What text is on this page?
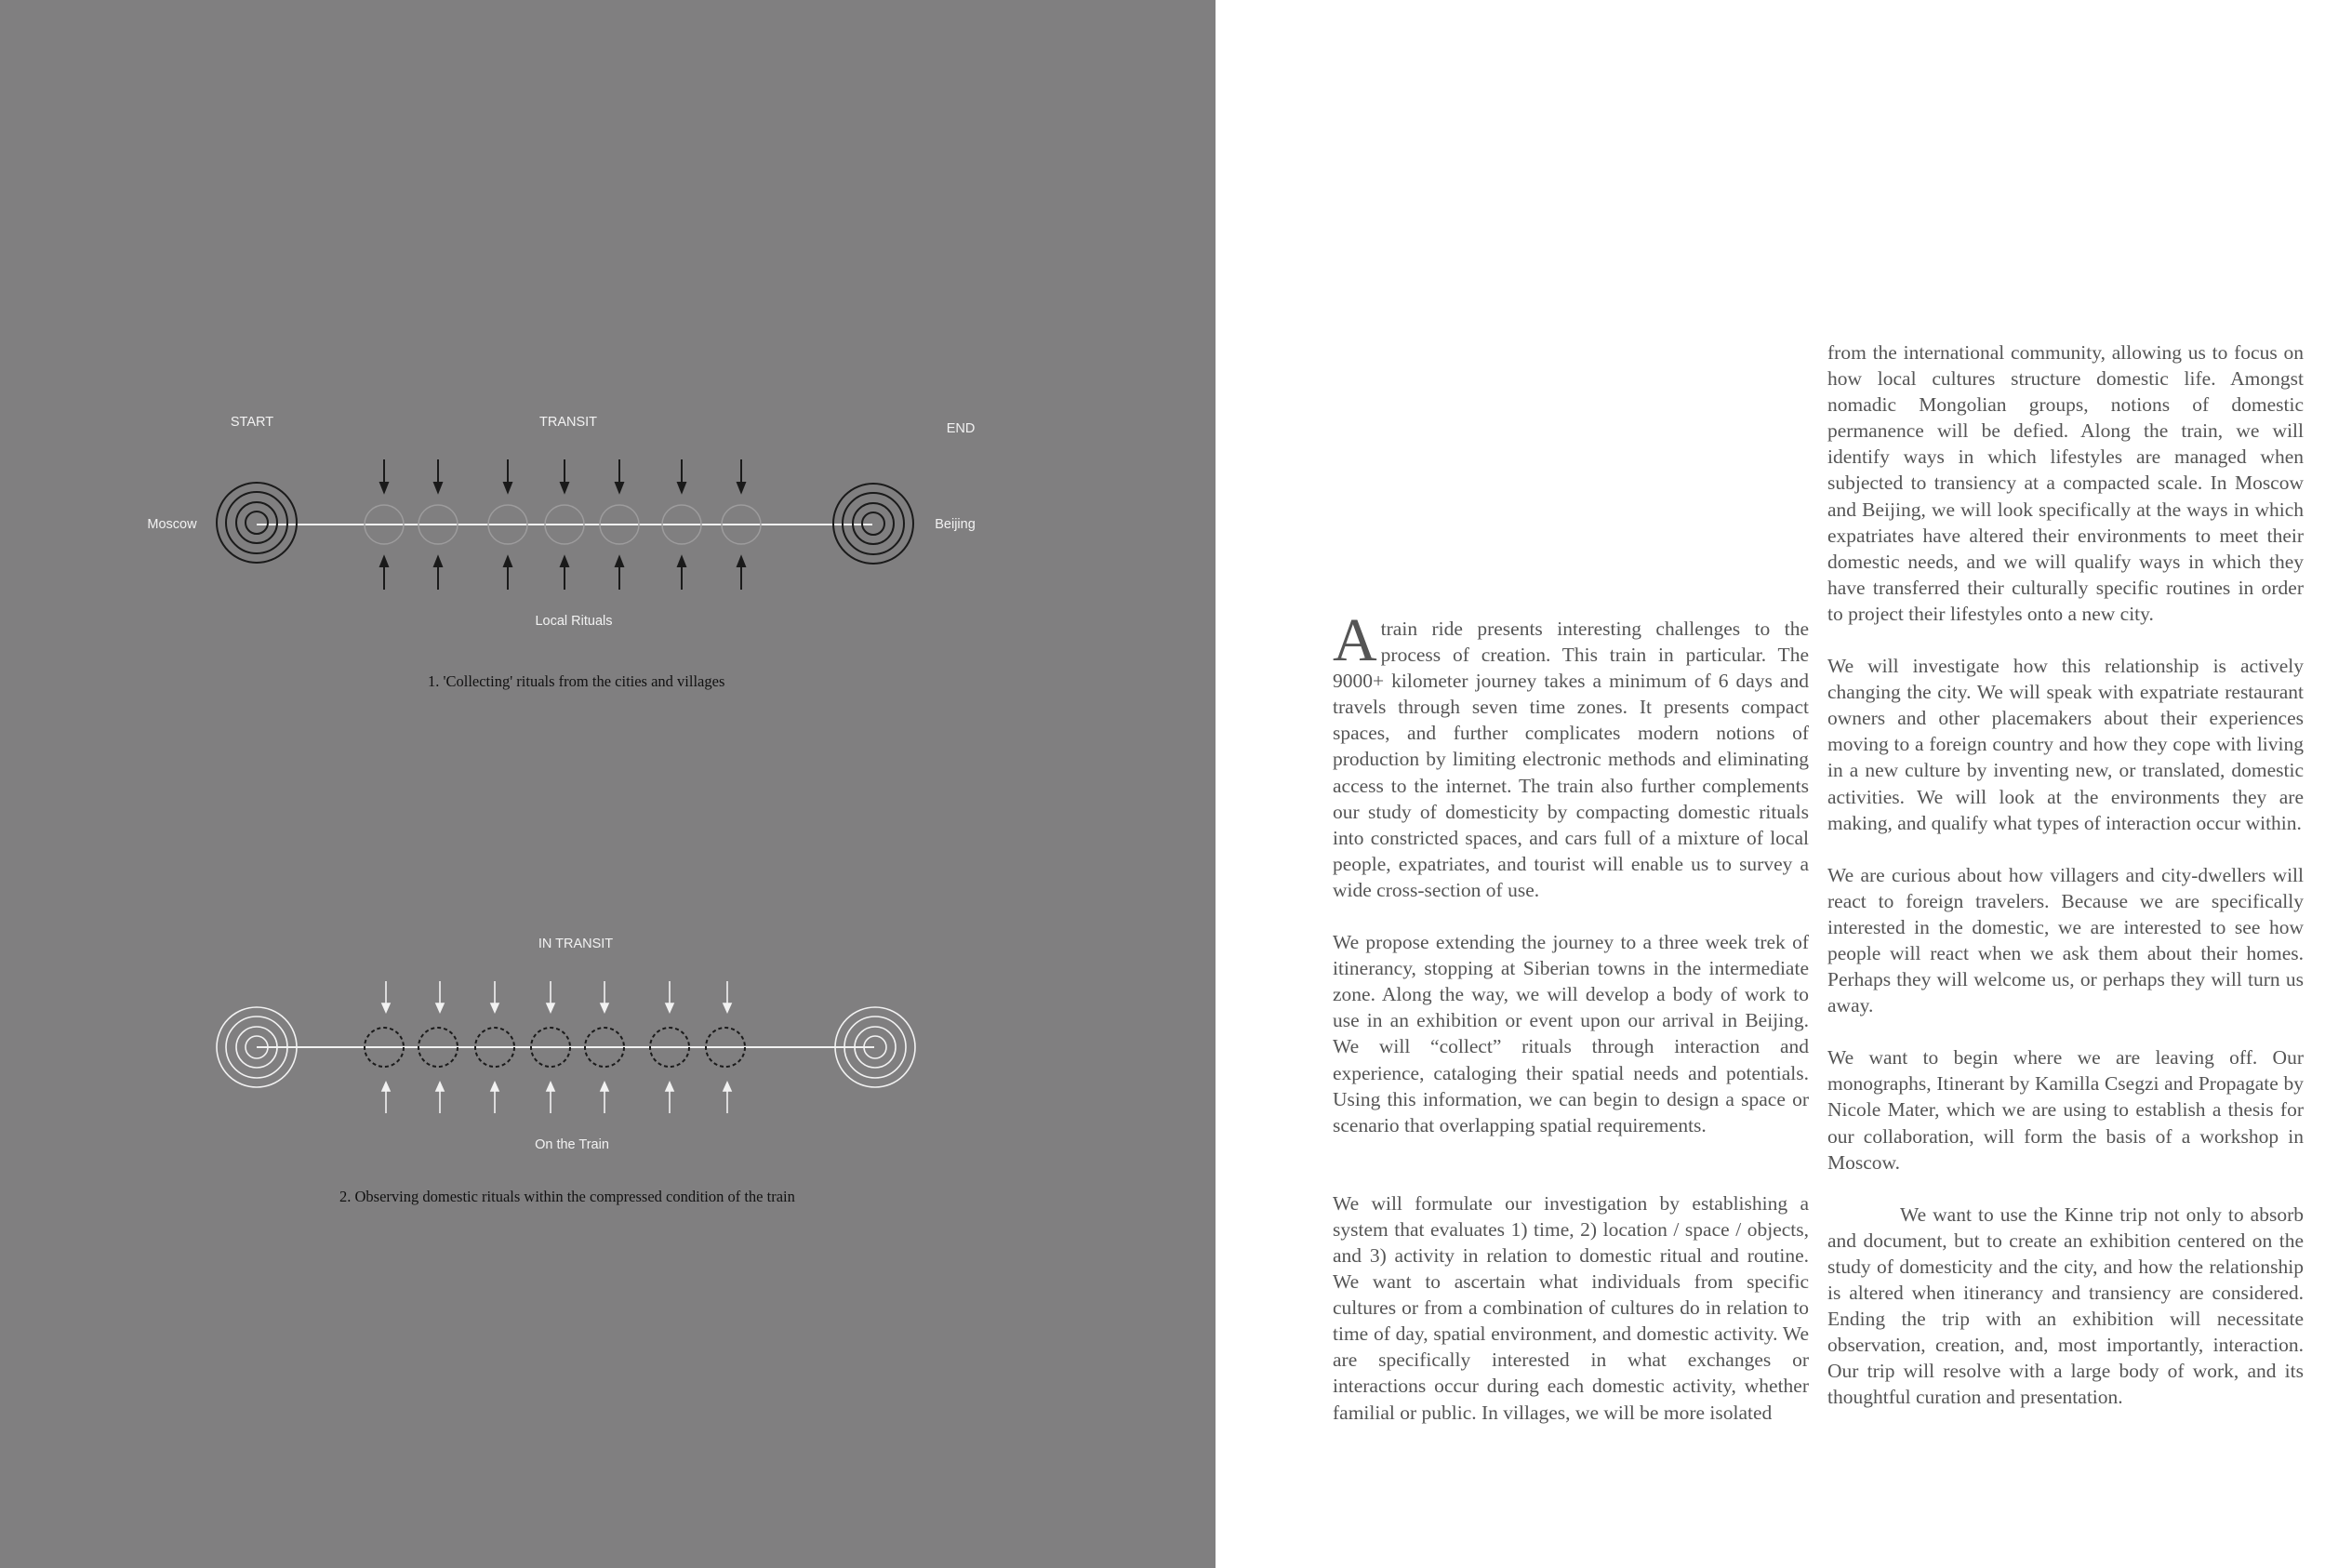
START	TRANSIT	END
Moscow	Beijing
Local Rituals
IN TRANSIT
On the Train
1. 'Collecting' rituals from the cities and villages
2. Observing domestic rituals within the compressed condition of the train

A train ride presents interesting challenges to the process of creation. This train in particular. The 9000+ kilometer journey takes a minimum of 6 days and travels through seven time zones. It presents compact spaces, and further complicates modern notions of production by limiting electronic methods and eliminating access to the internet. The train also further complements our study of domesticity by compacting domestic rituals into constricted spaces, and cars full of a mixture of local people, expatriates, and tourist will enable us to survey a wide cross-section of use.

We propose extending the journey to a three week trek of itinerancy, stopping at Siberian towns in the intermediate zone. Along the way, we will develop a body of work to use in an exhibition or event upon our arrival in Beijing. We will “collect” rituals through interaction and experience, cataloging their spatial needs and potentials. Using this information, we can begin to design a space or scenario that overlapping spatial requirements.

We will formulate our investigation by establishing a system that evaluates 1) time, 2) location / space / objects, and 3) activity in relation to domestic ritual and routine. We want to ascertain what individuals from specific cultures or from a combination of cultures do in relation to time of day, spatial environment, and domestic activity. We are specifically interested in what exchanges or interactions occur during each domestic activity, whether familial or public. In villages, we will be more isolated

from the international community, allowing us to focus on how local cultures structure domestic life. Amongst nomadic Mongolian groups, notions of domestic permanence will be defied. Along the train, we will identify ways in which lifestyles are managed when subjected to transiency at a compacted scale. In Moscow and Beijing, we will look specifically at the ways in which expatriates have altered their environments to meet their domestic needs, and we will qualify ways in which they have transferred their culturally specific routines in order to project their lifestyles onto a new city.

We will investigate how this relationship is actively changing the city. We will speak with expatriate restaurant owners and other placemakers about their experiences moving to a foreign country and how they cope with living in a new culture by inventing new, or translated, domestic activities. We will look at the environments they are making, and qualify what types of interaction occur within.

We are curious about how villagers and city-dwellers will react to foreign travelers. Because we are specifically interested in the domestic, we are interested to see how people will react when we ask them about their homes. Perhaps they will welcome us, or perhaps they will turn us away.

We want to begin where we are leaving off. Our monographs, Itinerant by Kamilla Csegzi and Propagate by Nicole Mater, which we are using to establish a thesis for our collaboration, will form the basis of a workshop in Moscow.

We want to use the Kinne trip not only to absorb and document, but to create an exhibition centered on the study of domesticity and the city, and how the relationship is altered when itinerancy and transiency are considered. Ending the trip with an exhibition will necessitate observation, creation, and, most importantly, interaction. Our trip will resolve with a large body of work, and its thoughtful curation and presentation.
